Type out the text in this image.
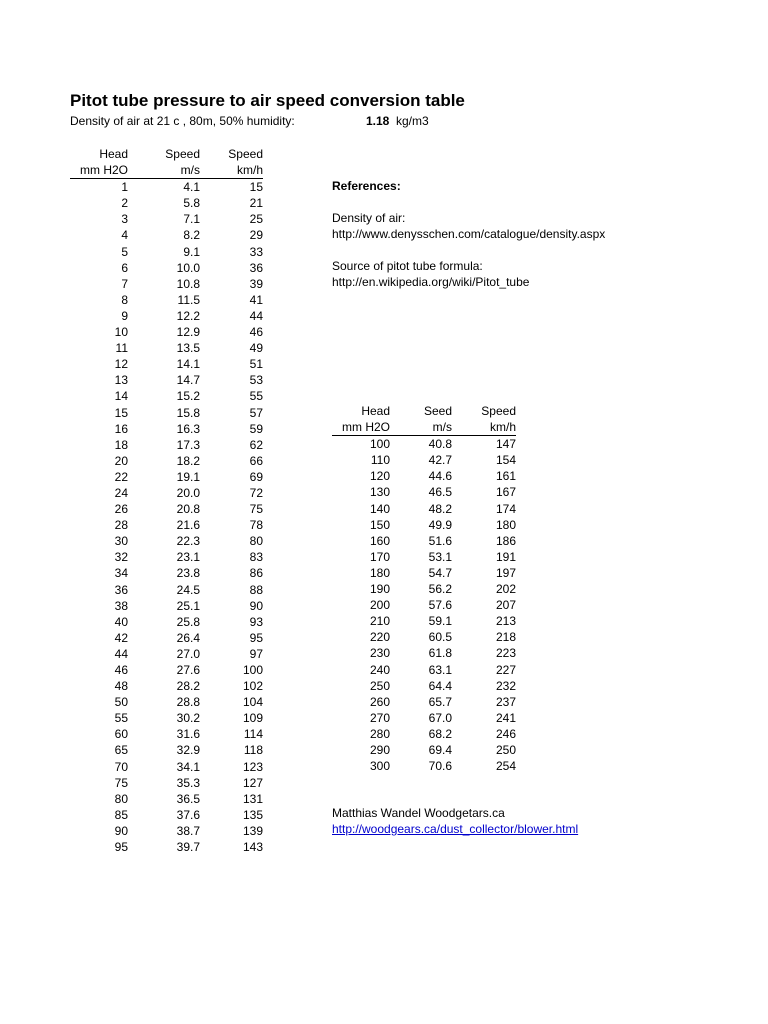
Pitot tube pressure to air speed conversion table
Density of air at 21 c , 80m, 50% humidity:	1.18 kg/m3
Head	Speed	Speed
mm H2O	m/s	km/h
1	4.1	15
2	5.8	21
3	7.1	25
4	8.2	29
5	9.1	33
6	10.0	36
7	10.8	39
8	11.5	41
9	12.2	44
10	12.9	46
11	13.5	49
12	14.1	51
13	14.7	53
14	15.2	55
15	15.8	57
16	16.3	59
18	17.3	62
20	18.2	66
22	19.1	69
24	20.0	72
26	20.8	75
28	21.6	78
30	22.3	80
32	23.1	83
34	23.8	86
36	24.5	88
38	25.1	90
40	25.8	93
42	26.4	95
44	27.0	97
46	27.6	100
48	28.2	102
50	28.8	104
55	30.2	109
60	31.6	114
65	32.9	118
70	34.1	123
75	35.3	127
80	36.5	131
85	37.6	135
90	38.7	139
95	39.7	143
References:
Density of air:
http://www.denysschen.com/catalogue/density.aspx
Source of pitot tube formula:
http://en.wikipedia.org/wiki/Pitot_tube
Head	Seed	Speed
mm H2O	m/s	km/h
100	40.8	147
110	42.7	154
120	44.6	161
130	46.5	167
140	48.2	174
150	49.9	180
160	51.6	186
170	53.1	191
180	54.7	197
190	56.2	202
200	57.6	207
210	59.1	213
220	60.5	218
230	61.8	223
240	63.1	227
250	64.4	232
260	65.7	237
270	67.0	241
280	68.2	246
290	69.4	250
300	70.6	254
Matthias Wandel Woodgetars.ca
http://woodgears.ca/dust_collector/blower.html
